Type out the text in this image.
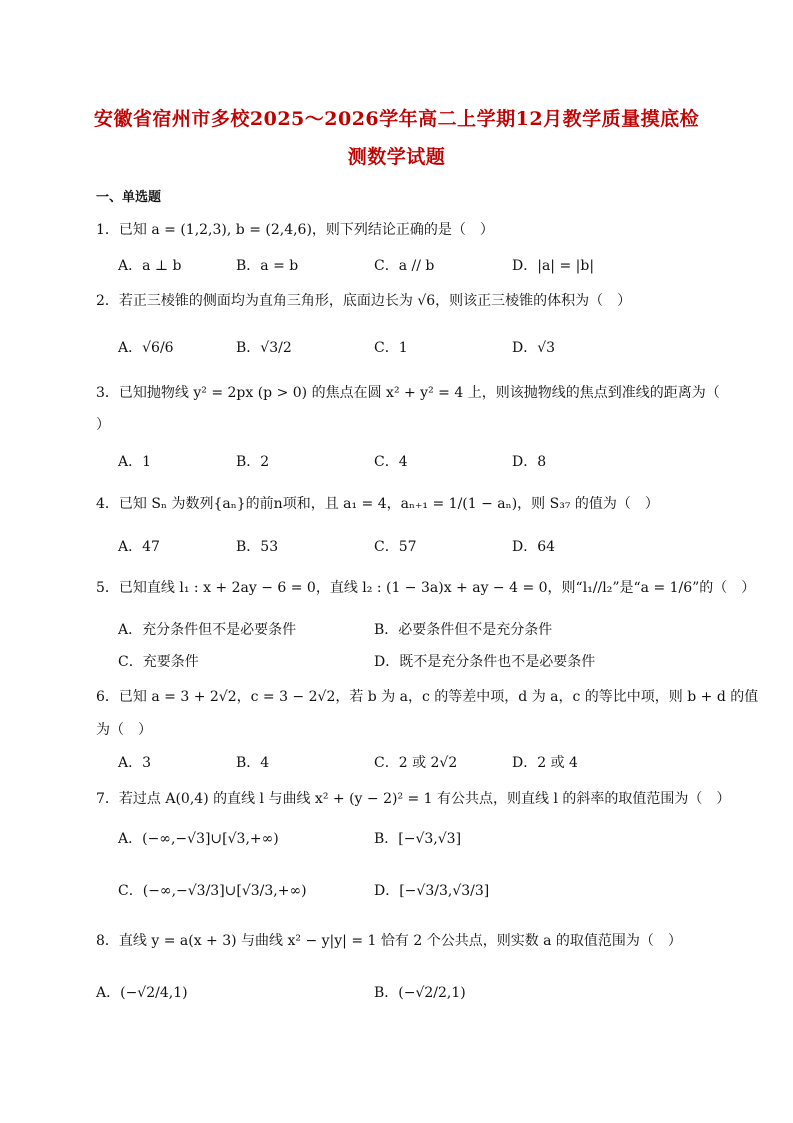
安徽省宿州市多校2025～2026学年高二上学期12月教学质量摸底检
测数学试题
一、单选题
1．已知 a = (1,2,3), b = (2,4,6)，则下列结论正确的是（　）
A．a ⊥ b	B．a = b	C．a // b	D．|a| = |b|
2．若正三棱锥的侧面均为直角三角形，底面边长为 √6，则该正三棱锥的体积为（　）
A．√6/6	B．√3/2	C．1	D．√3
3．已知抛物线 y² = 2px (p > 0) 的焦点在圆 x² + y² = 4 上，则该抛物线的焦点到准线的距离为（
）
A．1	B．2	C．4	D．8
4．已知 Sₙ 为数列{aₙ}的前n项和，且 a₁ = 4，aₙ₊₁ = 1/(1 − aₙ)，则 S₃₇ 的值为（　）
A．47	B．53	C．57	D．64
5．已知直线 l₁ : x + 2ay − 6 = 0，直线 l₂ : (1 − 3a)x + ay − 4 = 0，则“l₁//l₂”是“a = 1/6”的（　）
A．充分条件但不是必要条件	B．必要条件但不是充分条件
C．充要条件	D．既不是充分条件也不是必要条件
6．已知 a = 3 + 2√2，c = 3 − 2√2，若 b 为 a，c 的等差中项，d 为 a，c 的等比中项，则 b + d 的值
为（　）
A．3	B．4	C．2 或 2√2	D．2 或 4
7．若过点 A(0,4) 的直线 l 与曲线 x² + (y − 2)² = 1 有公共点，则直线 l 的斜率的取值范围为（　）
A．(−∞,−√3]∪[√3,+∞)	B．[−√3,√3]
C．(−∞,−√3/3]∪[√3/3,+∞)	D．[−√3/3,√3/3]
8．直线 y = a(x + 3) 与曲线 x² − y|y| = 1 恰有 2 个公共点，则实数 a 的取值范围为（　）
A．(−√2/4,1)	B．(−√2/2,1)
